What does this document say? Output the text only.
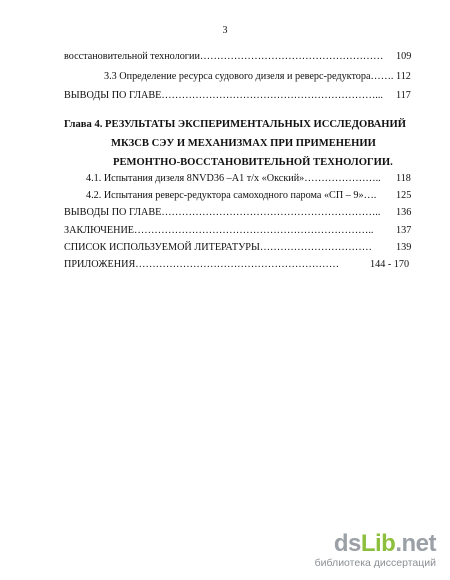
3
восстановительной технологии……………………………………………… 109
3.3 Определение ресурса судового дизеля и реверс-редуктора……. 112
ВЫВОДЫ ПО ГЛАВЕ………………………………………………………... 117
Глава 4. РЕЗУЛЬТАТЫ ЭКСПЕРИМЕНТАЛЬНЫХ ИССЛЕДОВАНИЙ
МКЗСВ СЭУ И МЕХАНИЗМАХ ПРИ ПРИМЕНЕНИИ
РЕМОНТНО-ВОССТАНОВИТЕЛЬНОЙ ТЕХНОЛОГИИ.
4.1. Испытания дизеля 8NVD36 –А1 т/х «Окский»………………….. 118
4.2. Испытания реверс-редуктора самоходного парома «СП – 9»…. 125
ВЫВОДЫ ПО ГЛАВЕ……………………………………………………….. 136
ЗАКЛЮЧЕНИЕ…………………………………………………………….. 137
СПИСОК ИСПОЛЬЗУЕМОЙ ЛИТЕРАТУРЫ…………………………… 139
ПРИЛОЖЕНИЯ……………………………………………………	144 - 170
dsLib.net
библиотека диссертаций
